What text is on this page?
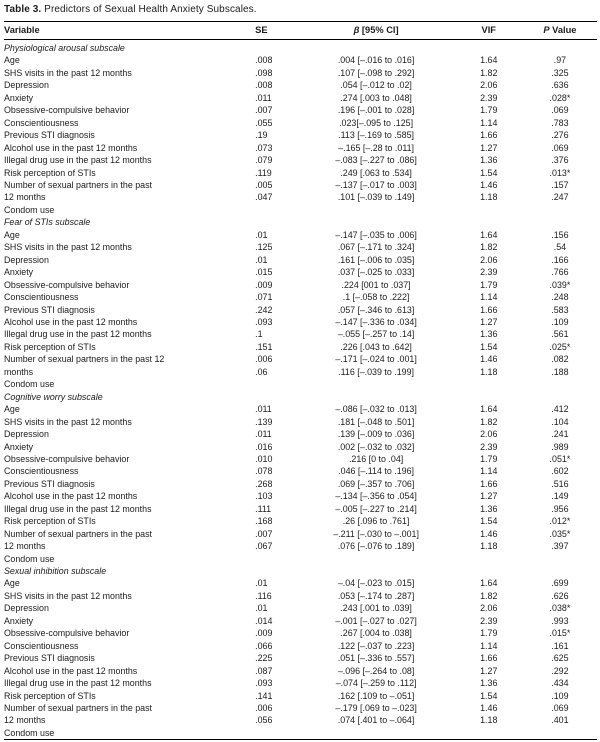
Table 3. Predictors of Sexual Health Anxiety Subscales.

Variable	SE	β [95% CI]	VIF	P Value
Physiological arousal subscale				
Age	.008	.004 [–.016 to .016]	1.64	.97
SHS visits in the past 12 months	.098	.107 [–.098 to .292]	1.82	.325
Depression	.008	.054 [–.012 to .02]	2.06	.636
Anxiety	.011	.274 [.003 to .048]	2.39	.028*
Obsessive-compulsive behavior	.007	.196 [–.001 to .028]	1.79	.069
Conscientiousness	.055	.023[–.095 to .125]	1.14	.783
Previous STI diagnosis	.19	.113 [–.169 to .585]	1.66	.276
Alcohol use in the past 12 months	.073	–.165 [–.28 to .011]	1.27	.069
Illegal drug use in the past 12 months	.079	–.083 [–.227 to .086]	1.36	.376
Risk perception of STIs	.119	.249 [.063 to .534]	1.54	.013*
Number of sexual partners in the past	.005	–.137 [–.017 to .003]	1.46	.157
12 months	.047	.101 [–.039 to .149]	1.18	.247
Condom use				
Fear of STIs subscale				
Age	.01	–.147 [–.035 to .006]	1.64	.156
SHS visits in the past 12 months	.125	.067 [–.171 to .324]	1.82	.54
Depression	.01	.161 [–.006 to .035]	2.06	.166
Anxiety	.015	.037 [–.025 to .033]	2.39	.766
Obsessive-compulsive behavior	.009	.224 [001 to .037]	1.79	.039*
Conscientiousness	.071	.1 [–.058 to .222]	1.14	.248
Previous STI diagnosis	.242	.057 [–.346 to .613]	1.66	.583
Alcohol use in the past 12 months	.093	–.147 [–.336 to .034]	1.27	.109
Illegal drug use in the past 12 months	.1	–.055 [–.257 to .14]	1.36	.561
Risk perception of STIs	.151	.226 [.043 to .642]	1.54	.025*
Number of sexual partners in the past 12	.006	–.171 [–.024 to .001]	1.46	.082
months	.06	.116 [–.039 to .199]	1.18	.188
Condom use				
Cognitive worry subscale				
Age	.011	–.086 [–.032 to .013]	1.64	.412
SHS visits in the past 12 months	.139	.181 [–.048 to .501]	1.82	.104
Depression	.011	.139 [–.009 to .036]	2.06	.241
Anxiety	.016	.002 [–.032 to .032]	2.39	.989
Obsessive-compulsive behavior	.010	.216 [0 to .04]	1.79	.051*
Conscientiousness	.078	.046 [–.114 to .196]	1.14	.602
Previous STI diagnosis	.268	.069 [–.357 to .706]	1.66	.516
Alcohol use in the past 12 months	.103	–.134 [–.356 to .054]	1.27	.149
Illegal drug use in the past 12 months	.111	–.005 [–.227 to .214]	1.36	.956
Risk perception of STIs	.168	.26 [.096 to .761]	1.54	.012*
Number of sexual partners in the past	.007	–.211 [–.030 to –.001]	1.46	.035*
12 months	.067	.076 [–.076 to .189]	1.18	.397
Condom use				
Sexual inhibition subscale				
Age	.01	–.04 [–.023 to .015]	1.64	.699
SHS visits in the past 12 months	.116	.053 [–.174 to .287]	1.82	.626
Depression	.01	.243 [.001 to .039]	2.06	.038*
Anxiety	.014	–.001 [–.027 to .027]	2.39	.993
Obsessive-compulsive behavior	.009	.267 [.004 to .038]	1.79	.015*
Conscientiousness	.066	.122 [–.037 to .223]	1.14	.161
Previous STI diagnosis	.225	.051 [–.336 to .557]	1.66	.625
Alcohol use in the past 12 months	.087	–.096 [–.264 to .08]	1.27	.292
Illegal drug use in the past 12 months	.093	–.074 [–.259 to .112]	1.36	.434
Risk perception of STIs	.141	.162 [.109 to –.051]	1.54	.109
Number of sexual partners in the past	.006	–.179 [.069 to –.023]	1.46	.069
12 months	.056	.074 [.401 to –.064]	1.18	.401
Condom use				
